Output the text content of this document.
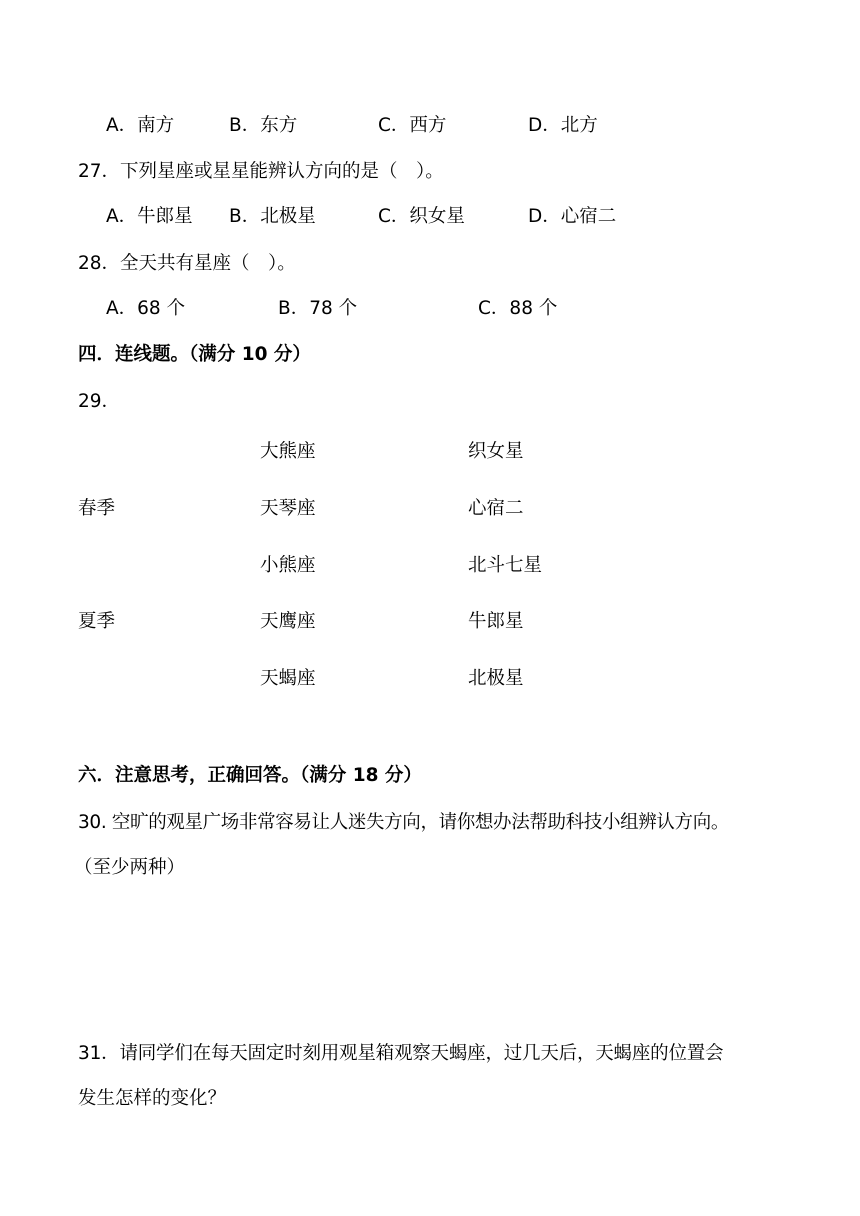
A．南方	B．东方	C．西方	D．北方
27．下列星座或星星能辨认方向的是（　）。
A．牛郎星 B．北极星	C．织女星	D．心宿二
28．全天共有星座（　）。
A．68 个	B．78 个	C．88 个
四．连线题。（满分 10 分）
29．
春季
夏季
大熊座
天琴座
小熊座
天鹰座
天蝎座
织女星
心宿二
北斗七星
牛郎星
北极星
六．注意思考，正确回答。（满分 18 分）
30. 空旷的观星广场非常容易让人迷失方向，请你想办法帮助科技小组辨认方向。
（至少两种）
31．请同学们在每天固定时刻用观星箱观察天蝎座，过几天后，天蝎座的位置会
发生怎样的变化？
